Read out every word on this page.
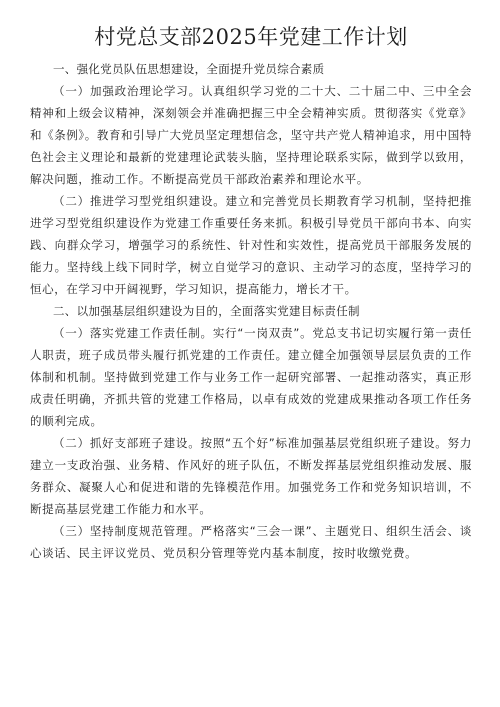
村党总支部2025年党建工作计划

一、强化党员队伍思想建设，全面提升党员综合素质

（一）加强政治理论学习。认真组织学习党的二十大、二十届二中、三中全会精神和上级会议精神，深刻领会并准确把握三中全会精神实质。贯彻落实《党章》和《条例》。教育和引导广大党员坚定理想信念，坚守共产党人精神追求，用中国特色社会主义理论和最新的党建理论武装头脑，坚持理论联系实际，做到学以致用，解决问题，推动工作。不断提高党员干部政治素养和理论水平。

（二）推进学习型党组织建设。建立和完善党员长期教育学习机制，坚持把推进学习型党组织建设作为党建工作重要任务来抓。积极引导党员干部向书本、向实践、向群众学习，增强学习的系统性、针对性和实效性，提高党员干部服务发展的能力。坚持线上线下同时学，树立自觉学习的意识、主动学习的态度，坚持学习的恒心，在学习中开阔视野，学习知识，提高能力，增长才干。

二、以加强基层组织建设为目的，全面落实党建目标责任制

（一）落实党建工作责任制。实行“一岗双责”。党总支书记切实履行第一责任人职责，班子成员带头履行抓党建的工作责任。建立健全加强领导层层负责的工作体制和机制。坚持做到党建工作与业务工作一起研究部署、一起推动落实，真正形成责任明确，齐抓共管的党建工作格局，以卓有成效的党建成果推动各项工作任务的顺利完成。

（二）抓好支部班子建设。按照“五个好”标准加强基层党组织班子建设。努力建立一支政治强、业务精、作风好的班子队伍，不断发挥基层党组织推动发展、服务群众、凝聚人心和促进和谐的先锋模范作用。加强党务工作和党务知识培训，不断提高基层党建工作能力和水平。

（三）坚持制度规范管理。严格落实“三会一课”、主题党日、组织生活会、谈心谈话、民主评议党员、党员积分管理等党内基本制度，按时收缴党费。
